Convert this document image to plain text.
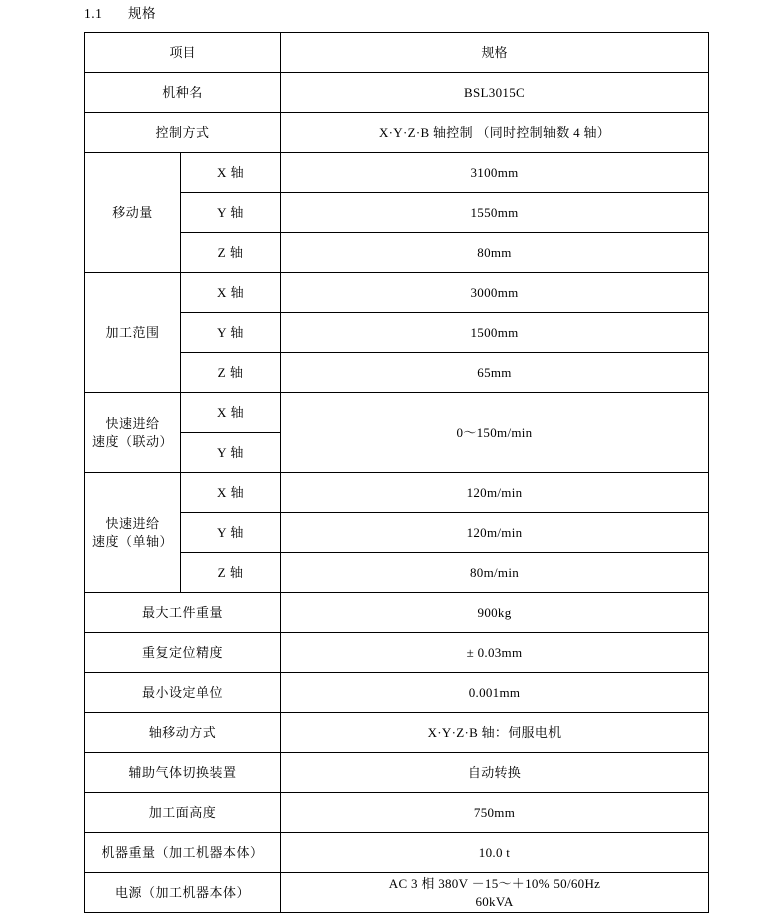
1.1 规格
项目		规格
机种名		BSL3015C
控制方式		X·Y·Z·B 轴控制 （同时控制轴数 4 轴）
移动量	X 轴	3100mm
	Y 轴	1550mm
	Z 轴	80mm
加工范围	X 轴	3000mm
	Y 轴	1500mm
	Z 轴	65mm

快速进给
速度（联动）	X 轴	0～150m/min
	Y 轴	

快速进给
速度（单轴）	X 轴	120m/min
	Y 轴	120m/min
	Z 轴	80m/min
最大工件重量		900kg
重复定位精度		± 0.03mm
最小设定单位		0.001mm
轴移动方式		X·Y·Z·B 轴：伺服电机
辅助气体切换装置		自动转换
加工面高度		750mm
机器重量（加工机器本体）		10.0 t
电源（加工机器本体）		AC 3 相 380V －15～＋10% 50/60Hz
60kVA
